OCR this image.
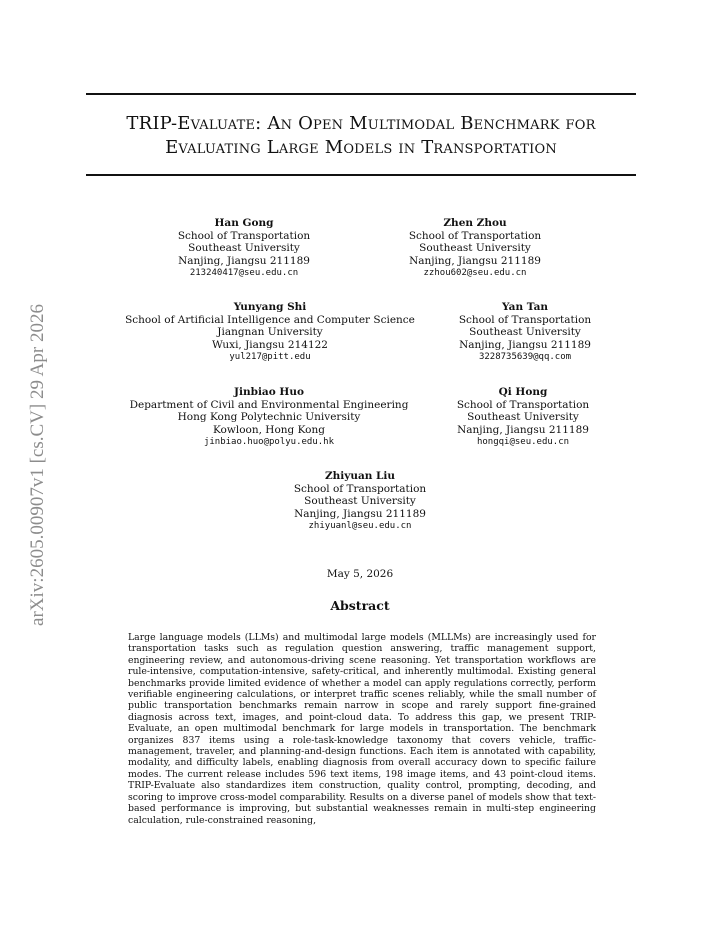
arXiv:2605.00907v1 [cs.CV] 29 Apr 2026
TRIP-Evaluate: An Open Multimodal Benchmark for
Evaluating Large Models in Transportation
Han Gong
School of Transportation
Southeast University
Nanjing, Jiangsu 211189
213240417@seu.edu.cn
Zhen Zhou
School of Transportation
Southeast University
Nanjing, Jiangsu 211189
zzhou602@seu.edu.cn
Yunyang Shi
School of Artificial Intelligence and Computer Science
Jiangnan University
Wuxi, Jiangsu 214122
yul217@pitt.edu
Yan Tan
School of Transportation
Southeast University
Nanjing, Jiangsu 211189
3228735639@qq.com
Jinbiao Huo
Department of Civil and Environmental Engineering
Hong Kong Polytechnic University
Kowloon, Hong Kong
jinbiao.huo@polyu.edu.hk
Qi Hong
School of Transportation
Southeast University
Nanjing, Jiangsu 211189
hongqi@seu.edu.cn
Zhiyuan Liu
School of Transportation
Southeast University
Nanjing, Jiangsu 211189
zhiyuanl@seu.edu.cn
May 5, 2026
Abstract
Large language models (LLMs) and multimodal large models (MLLMs) are increasingly used for transportation tasks such as regulation question answering, traffic management support, engineering review, and autonomous-driving scene reasoning. Yet transportation workflows are rule-intensive, computation-intensive, safety-critical, and inherently multimodal. Existing general benchmarks provide limited evidence of whether a model can apply regulations correctly, perform verifiable engineering calculations, or interpret traffic scenes reliably, while the small number of public transportation benchmarks remain narrow in scope and rarely support fine-grained diagnosis across text, images, and point-cloud data. To address this gap, we present TRIP-Evaluate, an open multimodal benchmark for large models in transportation. The benchmark organizes 837 items using a role-task-knowledge taxonomy that covers vehicle, traffic-management, traveler, and planning-and-design functions. Each item is annotated with capability, modality, and difficulty labels, enabling diagnosis from overall accuracy down to specific failure modes. The current release includes 596 text items, 198 image items, and 43 point-cloud items. TRIP-Evaluate also standardizes item construction, quality control, prompting, decoding, and scoring to improve cross-model comparability. Results on a diverse panel of models show that text-based performance is improving, but substantial weaknesses remain in multi-step engineering calculation, rule-constrained reasoning,
